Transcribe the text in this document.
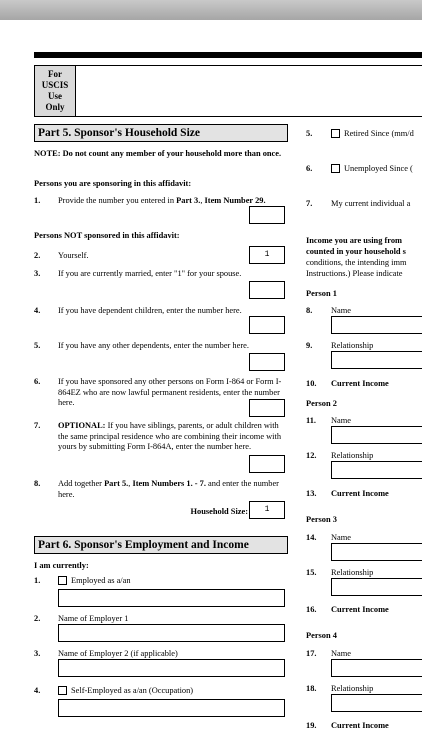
For
USCIS
Use
Only
Part 5. Sponsor's Household Size
NOTE: Do not count any member of your household more than once.
Persons you are sponsoring in this affidavit:
1. Provide the number you entered in Part 3., Item Number 29.
Persons NOT sponsored in this affidavit:
2. Yourself.	1
3. If you are currently married, enter "1" for your spouse.
4. If you have dependent children, enter the number here.
5. If you have any other dependents, enter the number here.
6. If you have sponsored any other persons on Form I-864 or Form I-864EZ who are now lawful permanent residents, enter the number here.
7. OPTIONAL: If you have siblings, parents, or adult children with the same principal residence who are combining their income with yours by submitting Form I-864A, enter the number here.
8. Add together Part 5., Item Numbers 1. - 7. and enter the number here.
Household Size:	1
Part 6. Sponsor's Employment and Income
I am currently:
1.	Employed as a/an
2. Name of Employer 1
3. Name of Employer 2 (if applicable)
4.	Self-Employed as a/an (Occupation)
5.	Retired Since (mm/d
6.	Unemployed Since (
7. My current individual a
Income you are using from
counted in your household s
conditions, the intending imm
Instructions.) Please indicate
Person 1
8. Name
9. Relationship
10. Current Income
Person 2
11. Name
12. Relationship
13. Current Income
Person 3
14. Name
15. Relationship
16. Current Income
Person 4
17. Name
18. Relationship
19. Current Income
